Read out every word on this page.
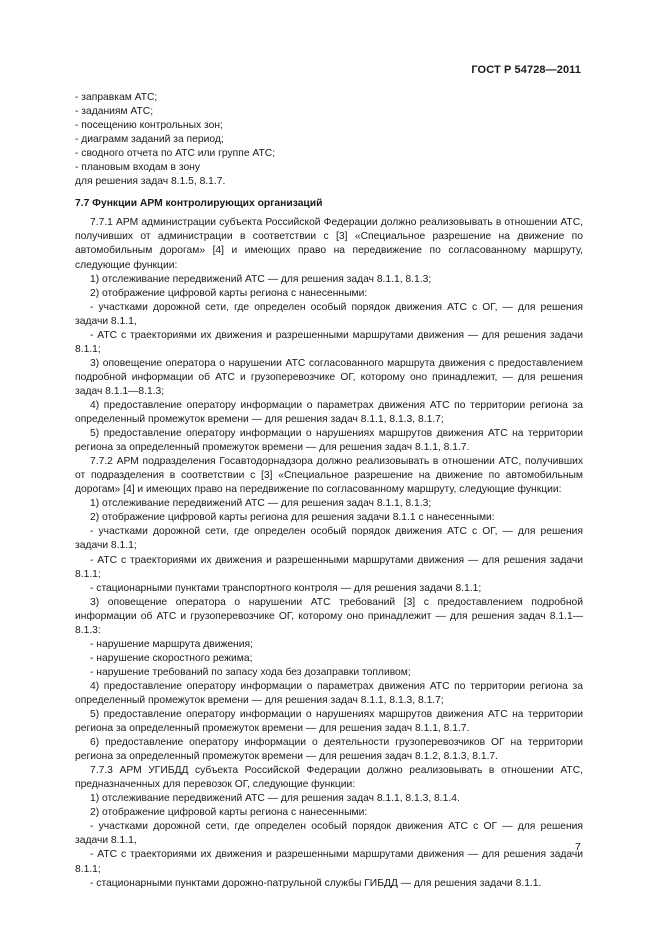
ГОСТ Р 54728—2011

- заправкам АТС;

- заданиям АТС;

- посещению контрольных зон;

- диаграмм заданий за период;

- сводного отчета по АТС или группе АТС;

- плановым входам в зону

для решения задач 8.1.5, 8.1.7.

7.7 Функции АРМ контролирующих организаций

7.7.1 АРМ администрации субъекта Российской Федерации должно реализовывать в отношении АТС, получивших от администрации в соответствии с [3] «Специальное разрешение на движение по автомобильным дорогам» [4] и имеющих право на передвижение по согласованному маршруту, следующие функции:

1) отслеживание передвижений АТС — для решения задач 8.1.1, 8.1.3;

2) отображение цифровой карты региона с нанесенными:

- участками дорожной сети, где определен особый порядок движения АТС с ОГ, — для решения задачи 8.1.1,

- АТС с траекториями их движения и разрешенными маршрутами движения — для решения задачи 8.1.1;

3) оповещение оператора о нарушении АТС согласованного маршрута движения с предоставлением подробной информации об АТС и грузоперевозчике ОГ, которому оно принадлежит, — для решения задач 8.1.1—8.1.3;

4) предоставление оператору информации о параметрах движения АТС по территории региона за определенный промежуток времени — для решения задач 8.1.1, 8.1.3, 8.1.7;

5) предоставление оператору информации о нарушениях маршрутов движения АТС на территории региона за определенный промежуток времени — для решения задач 8.1.1, 8.1.7.

7.7.2 АРМ подразделения Госавтодорнадзора должно реализовывать в отношении АТС, получивших от подразделения в соответствии с [3] «Специальное разрешение на движение по автомобильным дорогам» [4] и имеющих право на передвижение по согласованному маршруту, следующие функции:

1) отслеживание передвижений АТС — для решения задач 8.1.1, 8.1.3;

2) отображение цифровой карты региона для решения задачи 8.1.1 с нанесенными:

- участками дорожной сети, где определен особый порядок движения АТС с ОГ, — для решения задачи 8.1.1;

- АТС с траекториями их движения и разрешенными маршрутами движения — для решения задачи 8.1.1;

- стационарными пунктами транспортного контроля — для решения задачи 8.1.1;

3) оповещение оператора о нарушении АТС требований [3] с предоставлением подробной информации об АТС и грузоперевозчике ОГ, которому оно принадлежит — для решения задач 8.1.1—8.1.3:

- нарушение маршрута движения;

- нарушение скоростного режима;

- нарушение требований по запасу хода без дозаправки топливом;

4) предоставление оператору информации о параметрах движения АТС по территории региона за определенный промежуток времени — для решения задач 8.1.1, 8.1.3, 8.1.7;

5) предоставление оператору информации о нарушениях маршрутов движения АТС на территории региона за определенный промежуток времени — для решения задач 8.1.1, 8.1.7.

6) предоставление оператору информации о деятельности грузоперевозчиков ОГ на территории региона за определенный промежуток времени — для решения задач 8.1.2, 8.1.3, 8.1.7.

7.7.3 АРМ УГИБДД субъекта Российской Федерации должно реализовывать в отношении АТС, предназначенных для перевозок ОГ, следующие функции:

1) отслеживание передвижений АТС — для решения задач 8.1.1, 8.1.3, 8.1.4.

2) отображение цифровой карты региона с нанесенными:

- участками дорожной сети, где определен особый порядок движения АТС с ОГ — для решения задачи 8.1.1,

- АТС с траекториями их движения и разрешенными маршрутами движения — для решения задачи 8.1.1;

- стационарными пунктами дорожно-патрульной службы ГИБДД — для решения задачи 8.1.1.

7
